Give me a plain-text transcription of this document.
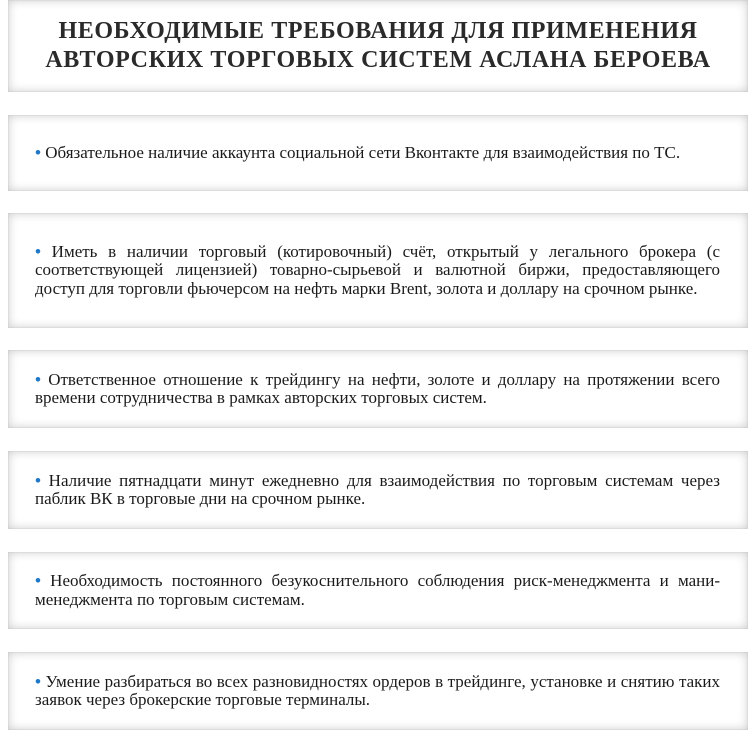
НЕОБХОДИМЫЕ ТРЕБОВАНИЯ ДЛЯ ПРИМЕНЕНИЯ АВТОРСКИХ ТОРГОВЫХ СИСТЕМ АСЛАНА БЕРОЕВА

• Обязательное наличие аккаунта социальной сети Вконтакте для взаимодействия по ТС.

• Иметь в наличии торговый (котировочный) счёт, открытый у легального брокера (с соответствующей лицензией) товарно-сырьевой и валютной биржи, предоставляющего доступ для торговли фьючерсом на нефть марки Brent, золота и доллару на срочном рынке.

• Ответственное отношение к трейдингу на нефти, золоте и доллару на протяжении всего времени сотрудничества в рамках авторских торговых систем.

• Наличие пятнадцати минут ежедневно для взаимодействия по торговым системам через паблик ВК в торговые дни на срочном рынке.

• Необходимость постоянного безукоснительного соблюдения риск-менеджмента и мани-менеджмента по торговым системам.

• Умение разбираться во всех разновидностях ордеров в трейдинге, установке и снятию таких заявок через брокерские торговые терминалы.
